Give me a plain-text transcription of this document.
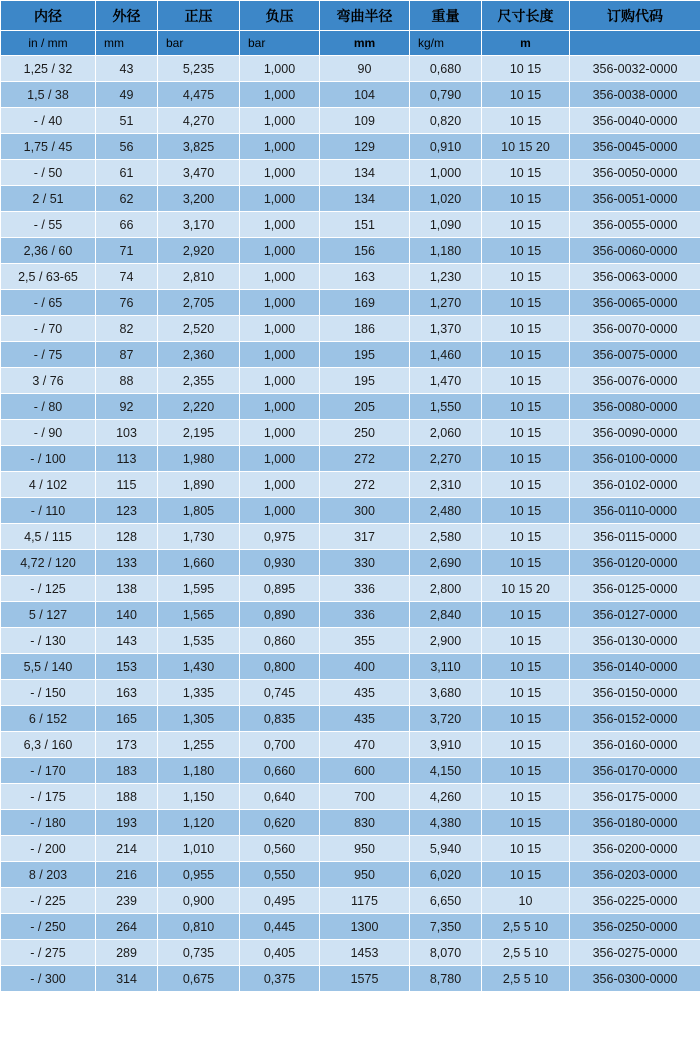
内径	外径	正压	负压	弯曲半径	重量	尺寸长度	订购代码
in / mm	mm	bar	bar	mm	kg/m	m	
1,25 / 32	43	5,235	1,000	90	0,680	10 15	356-0032-0000
1,5 / 38	49	4,475	1,000	104	0,790	10 15	356-0038-0000
- / 40	51	4,270	1,000	109	0,820	10 15	356-0040-0000
1,75 / 45	56	3,825	1,000	129	0,910	10 15 20	356-0045-0000
- / 50	61	3,470	1,000	134	1,000	10 15	356-0050-0000
2 / 51	62	3,200	1,000	134	1,020	10 15	356-0051-0000
- / 55	66	3,170	1,000	151	1,090	10 15	356-0055-0000
2,36 / 60	71	2,920	1,000	156	1,180	10 15	356-0060-0000
2,5 / 63-65	74	2,810	1,000	163	1,230	10 15	356-0063-0000
- / 65	76	2,705	1,000	169	1,270	10 15	356-0065-0000
- / 70	82	2,520	1,000	186	1,370	10 15	356-0070-0000
- / 75	87	2,360	1,000	195	1,460	10 15	356-0075-0000
3 / 76	88	2,355	1,000	195	1,470	10 15	356-0076-0000
- / 80	92	2,220	1,000	205	1,550	10 15	356-0080-0000
- / 90	103	2,195	1,000	250	2,060	10 15	356-0090-0000
- / 100	113	1,980	1,000	272	2,270	10 15	356-0100-0000
4 / 102	115	1,890	1,000	272	2,310	10 15	356-0102-0000
- / 110	123	1,805	1,000	300	2,480	10 15	356-0110-0000
4,5 / 115	128	1,730	0,975	317	2,580	10 15	356-0115-0000
4,72 / 120	133	1,660	0,930	330	2,690	10 15	356-0120-0000
- / 125	138	1,595	0,895	336	2,800	10 15 20	356-0125-0000
5 / 127	140	1,565	0,890	336	2,840	10 15	356-0127-0000
- / 130	143	1,535	0,860	355	2,900	10 15	356-0130-0000
5,5 / 140	153	1,430	0,800	400	3,110	10 15	356-0140-0000
- / 150	163	1,335	0,745	435	3,680	10 15	356-0150-0000
6 / 152	165	1,305	0,835	435	3,720	10 15	356-0152-0000
6,3 / 160	173	1,255	0,700	470	3,910	10 15	356-0160-0000
- / 170	183	1,180	0,660	600	4,150	10 15	356-0170-0000
- / 175	188	1,150	0,640	700	4,260	10 15	356-0175-0000
- / 180	193	1,120	0,620	830	4,380	10 15	356-0180-0000
- / 200	214	1,010	0,560	950	5,940	10 15	356-0200-0000
8 / 203	216	0,955	0,550	950	6,020	10 15	356-0203-0000
- / 225	239	0,900	0,495	1175	6,650	10	356-0225-0000
- / 250	264	0,810	0,445	1300	7,350	2,5 5 10	356-0250-0000
- / 275	289	0,735	0,405	1453	8,070	2,5 5 10	356-0275-0000
- / 300	314	0,675	0,375	1575	8,780	2,5 5 10	356-0300-0000
